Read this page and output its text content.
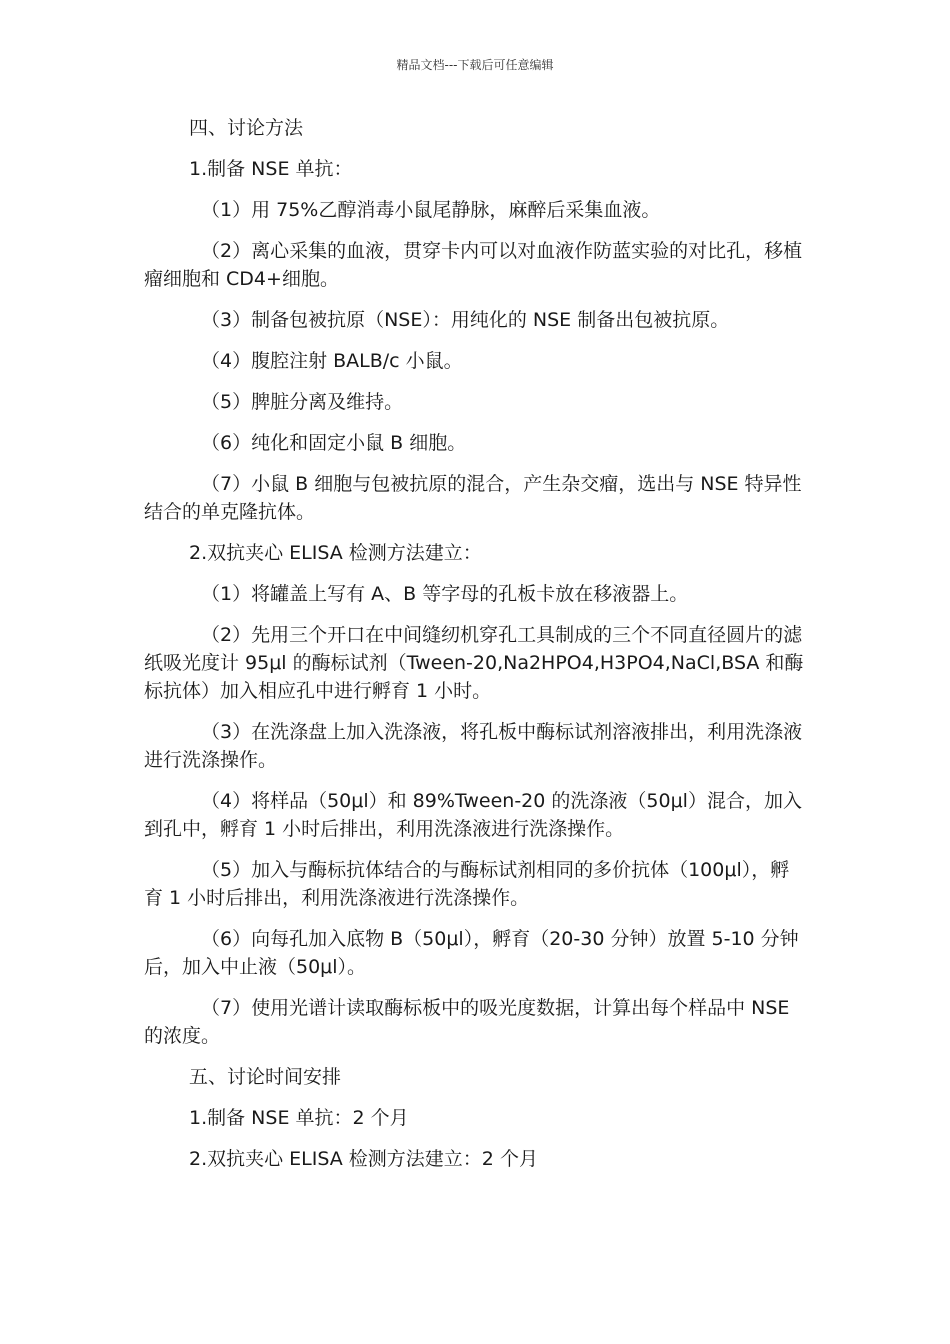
精品文档---下载后可任意编辑

四、讨论方法

1.制备 NSE 单抗：

（1）用 75%乙醇消毒小鼠尾静脉，麻醉后采集血液。

（2）离心采集的血液，贯穿卡内可以对血液作防蓝实验的对比孔，移植瘤细胞和 CD4+细胞。

（3）制备包被抗原（NSE）：用纯化的 NSE 制备出包被抗原。

（4）腹腔注射 BALB/c 小鼠。

（5）脾脏分离及维持。

（6）纯化和固定小鼠 B 细胞。

（7）小鼠 B 细胞与包被抗原的混合，产生杂交瘤，选出与 NSE 特异性结合的单克隆抗体。

2.双抗夹心 ELISA 检测方法建立：

（1）将罐盖上写有 A、B 等字母的孔板卡放在移液器上。

（2）先用三个开口在中间缝纫机穿孔工具制成的三个不同直径圆片的滤纸吸光度计 95μl 的酶标试剂（Tween-20,Na2HPO4,H3PO4,NaCl,BSA 和酶标抗体）加入相应孔中进行孵育 1 小时。

（3）在洗涤盘上加入洗涤液，将孔板中酶标试剂溶液排出，利用洗涤液进行洗涤操作。

（4）将样品（50μl）和 89%Tween-20 的洗涤液（50μl）混合，加入到孔中，孵育 1 小时后排出，利用洗涤液进行洗涤操作。

（5）加入与酶标抗体结合的与酶标试剂相同的多价抗体（100μl），孵育 1 小时后排出，利用洗涤液进行洗涤操作。

（6）向每孔加入底物 B（50μl），孵育（20-30 分钟）放置 5-10 分钟后，加入中止液（50μl）。

（7）使用光谱计读取酶标板中的吸光度数据，计算出每个样品中 NSE 的浓度。

五、讨论时间安排

1.制备 NSE 单抗：2 个月

2.双抗夹心 ELISA 检测方法建立：2 个月
